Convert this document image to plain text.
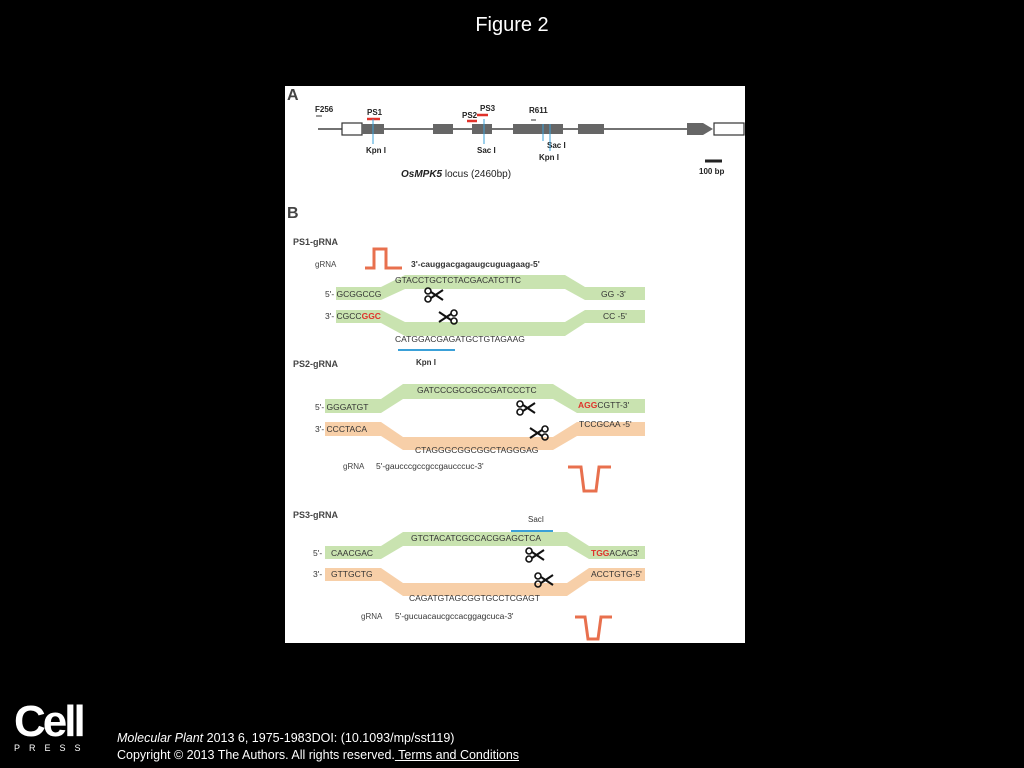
Figure 2
A
F256	PS1	PS2
PS3	R611
Kpn I	Sac I
Sac I
Kpn I
OsMPK5 locus (2460bp)	100 bp
B
PS1-gRNA
gRNA	3'-cauggacgagaugcuguagaag-5'
GTACCTGCTCTACGACATCTTC
5'- GCGGCCG	GG -3'
3'- CGCCGGC	CC -5'
CATGGACGAGATGCTGTAGAAG
Kpn I
PS2-gRNA
GATCCCGCCGCCGATCCCTC
5'- GGGATGT	AGGCGTT-3'
3'- CCCTACA	TCCGCAA -5'
CTAGGGCGGCGGCTAGGGAG
gRNA 5'-gaucccgccgccgaucccuc-3'
PS3-gRNA	SacI
GTCTACATCGCCACGGAGCTCA
5'- CAACGAC	TGGACAC3'
3'- GTTGCTG	ACCTGTG-5'
CAGATGTAGCGGTGCCTCGAGT
gRNA 5'-gucuacaucgccacggagcuca-3'
Cell
PRESS
Molecular Plant 2013 6, 1975-1983DOI: (10.1093/mp/sst119)
Copyright © 2013 The Authors. All rights reserved. Terms and Conditions
